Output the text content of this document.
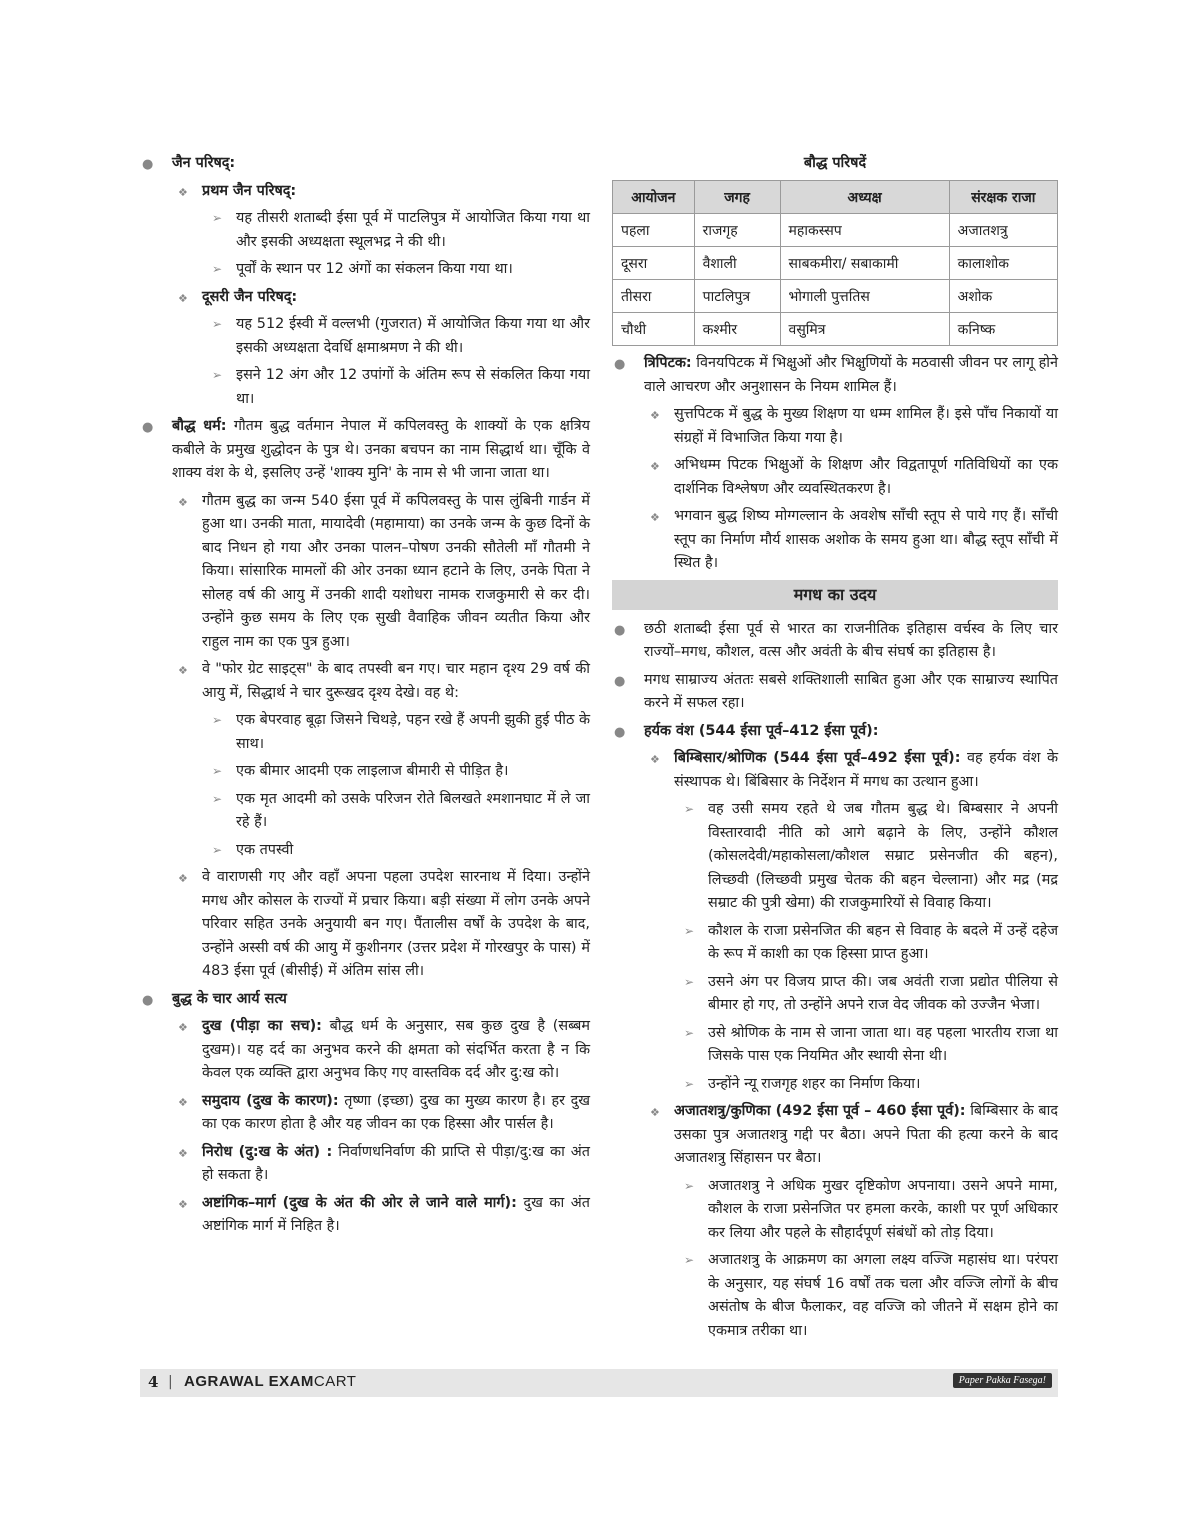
● जैन परिषद्:
❖ प्रथम जैन परिषद्:
➢ यह तीसरी शताब्दी ईसा पूर्व में पाटलिपुत्र में आयोजित किया गया था और इसकी अध्यक्षता स्थूलभद्र ने की थी।
➢ पूर्वों के स्थान पर 12 अंगों का संकलन किया गया था।
❖ दूसरी जैन परिषद्:
➢ यह 512 ईस्वी में वल्लभी (गुजरात) में आयोजित किया गया था और इसकी अध्यक्षता देवर्धि क्षमाश्रमण ने की थी।
➢ इसने 12 अंग और 12 उपांगों के अंतिम रूप से संकलित किया गया था।
● बौद्ध धर्म: गौतम बुद्ध वर्तमान नेपाल में कपिलवस्तु के शाक्यों के एक क्षत्रिय कबीले के प्रमुख शुद्धोदन के पुत्र थे। उनका बचपन का नाम सिद्धार्थ था। चूँकि वे शाक्य वंश के थे, इसलिए उन्हें 'शाक्य मुनि' के नाम से भी जाना जाता था।
❖ गौतम बुद्ध का जन्म 540 ईसा पूर्व में कपिलवस्तु के पास लुंबिनी गार्डन में हुआ था। उनकी माता, मायादेवी (महामाया) का उनके जन्म के कुछ दिनों के बाद निधन हो गया और उनका पालन–पोषण उनकी सौतेली माँ गौतमी ने किया। सांसारिक मामलों की ओर उनका ध्यान हटाने के लिए, उनके पिता ने सोलह वर्ष की आयु में उनकी शादी यशोधरा नामक राजकुमारी से कर दी। उन्होंने कुछ समय के लिए एक सुखी वैवाहिक जीवन व्यतीत किया और राहुल नाम का एक पुत्र हुआ।
❖ वे "फोर ग्रेट साइट्स" के बाद तपस्वी बन गए। चार महान दृश्य 29 वर्ष की आयु में, सिद्धार्थ ने चार दुरूखद दृश्य देखे। वह थे:
➢ एक बेपरवाह बूढ़ा जिसने चिथड़े, पहन रखे हैं अपनी झुकी हुई पीठ के साथ।
➢ एक बीमार आदमी एक लाइलाज बीमारी से पीड़ित है।
➢ एक मृत आदमी को उसके परिजन रोते बिलखते श्मशानघाट में ले जा रहे हैं।
➢ एक तपस्वी
❖ वे वाराणसी गए और वहाँ अपना पहला उपदेश सारनाथ में दिया। उन्होंने मगध और कोसल के राज्यों में प्रचार किया। बड़ी संख्या में लोग उनके अपने परिवार सहित उनके अनुयायी बन गए। पैंतालीस वर्षों के उपदेश के बाद, उन्होंने अस्सी वर्ष की आयु में कुशीनगर (उत्तर प्रदेश में गोरखपुर के पास) में 483 ईसा पूर्व (बीसीई) में अंतिम सांस ली।
● बुद्ध के चार आर्य सत्य
❖ दुख (पीड़ा का सच): बौद्ध धर्म के अनुसार, सब कुछ दुख है (सब्बम दुखम)। यह दर्द का अनुभव करने की क्षमता को संदर्भित करता है न कि केवल एक व्यक्ति द्वारा अनुभव किए गए वास्तविक दर्द और दु:ख को।
❖ समुदाय (दुख के कारण): तृष्णा (इच्छा) दुख का मुख्य कारण है। हर दुख का एक कारण होता है और यह जीवन का एक हिस्सा और पार्सल है।
❖ निरोध (दु:ख के अंत) : निर्वाणधनिर्वाण की प्राप्ति से पीड़ा/दु:ख का अंत हो सकता है।
❖ अष्टांगिक–मार्ग (दुख के अंत की ओर ले जाने वाले मार्ग): दुख का अंत अष्टांगिक मार्ग में निहित है।
बौद्ध परिषदें
आयोजन	जगह	अध्यक्ष	संरक्षक राजा
पहला	राजगृह	महाकस्सप	अजातशत्रु
दूसरा	वैशाली	साबकमीरा/ सबाकामी	कालाशोक
तीसरा	पाटलिपुत्र	भोगाली पुत्ततिस	अशोक
चौथी	कश्मीर	वसुमित्र	कनिष्क
● त्रिपिटक: विनयपिटक में भिक्षुओं और भिक्षुणियों के मठवासी जीवन पर लागू होने वाले आचरण और अनुशासन के नियम शामिल हैं।
❖ सुत्तपिटक में बुद्ध के मुख्य शिक्षण या धम्म शामिल हैं। इसे पाँच निकायों या संग्रहों में विभाजित किया गया है।
❖ अभिधम्म पिटक भिक्षुओं के शिक्षण और विद्वतापूर्ण गतिविधियों का एक दार्शनिक विश्लेषण और व्यवस्थितकरण है।
❖ भगवान बुद्ध शिष्य मोग्गल्लान के अवशेष साँची स्तूप से पाये गए हैं। साँची स्तूप का निर्माण मौर्य शासक अशोक के समय हुआ था। बौद्ध स्तूप साँची में स्थित है।
मगध का उदय
● छठी शताब्दी ईसा पूर्व से भारत का राजनीतिक इतिहास वर्चस्व के लिए चार राज्यों–मगध, कौशल, वत्स और अवंती के बीच संघर्ष का इतिहास है।
● मगध साम्राज्य अंततः सबसे शक्तिशाली साबित हुआ और एक साम्राज्य स्थापित करने में सफल रहा।
● हर्यक वंश (544 ईसा पूर्व–412 ईसा पूर्व):
❖ बिम्बिसार/श्रोणिक (544 ईसा पूर्व–492 ईसा पूर्व): वह हर्यक वंश के संस्थापक थे। बिंबिसार के निर्देशन में मगध का उत्थान हुआ।
➢ वह उसी समय रहते थे जब गौतम बुद्ध थे। बिम्बसार ने अपनी विस्तारवादी नीति को आगे बढ़ाने के लिए, उन्होंने कौशल (कोसलदेवी/महाकोसला/कौशल सम्राट प्रसेनजीत की बहन), लिच्छवी (लिच्छवी प्रमुख चेतक की बहन चेल्लाना) और मद्र (मद्र सम्राट की पुत्री खेमा) की राजकुमारियों से विवाह किया।
➢ कौशल के राजा प्रसेनजित की बहन से विवाह के बदले में उन्हें दहेज के रूप में काशी का एक हिस्सा प्राप्त हुआ।
➢ उसने अंग पर विजय प्राप्त की। जब अवंती राजा प्रद्योत पीलिया से बीमार हो गए, तो उन्होंने अपने राज वेद जीवक को उज्जैन भेजा।
➢ उसे श्रोणिक के नाम से जाना जाता था। वह पहला भारतीय राजा था जिसके पास एक नियमित और स्थायी सेना थी।
➢ उन्होंने न्यू राजगृह शहर का निर्माण किया।
❖ अजातशत्रु/कुणिका (492 ईसा पूर्व – 460 ईसा पूर्व): बिम्बिसार के बाद उसका पुत्र अजातशत्रु गद्दी पर बैठा। अपने पिता की हत्या करने के बाद अजातशत्रु सिंहासन पर बैठा।
➢ अजातशत्रु ने अधिक मुखर दृष्टिकोण अपनाया। उसने अपने मामा, कौशल के राजा प्रसेनजित पर हमला करके, काशी पर पूर्ण अधिकार कर लिया और पहले के सौहार्दपूर्ण संबंधों को तोड़ दिया।
➢ अजातशत्रु के आक्रमण का अगला लक्ष्य वज्जि महासंघ था। परंपरा के अनुसार, यह संघर्ष 16 वर्षों तक चला और वज्जि लोगों के बीच असंतोष के बीज फैलाकर, वह वज्जि को जीतने में सक्षम होने का एकमात्र तरीका था।
4 | AGRAWAL EXAMCART	Paper Pakka Fasega!
